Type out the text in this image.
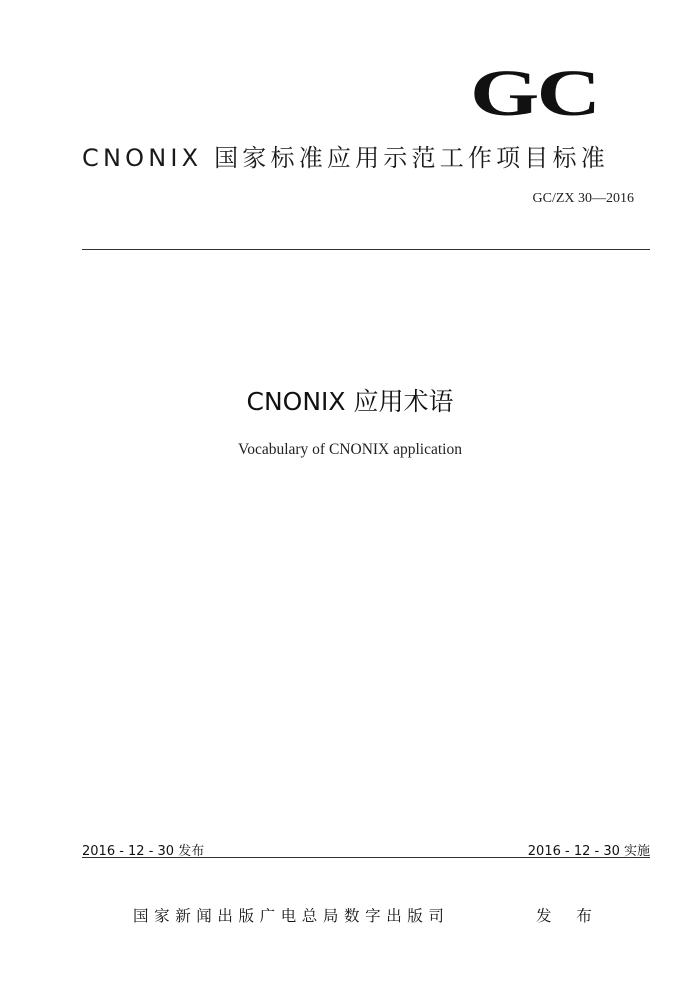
GC
CNONIX 国家标准应用示范工作项目标准
GC/ZX 30—2016
CNONIX 应用术语
Vocabulary of CNONIX application
2016 - 12 - 30 发布	2016 - 12 - 30 实施
国家新闻出版广电总局数字出版司	发 布
